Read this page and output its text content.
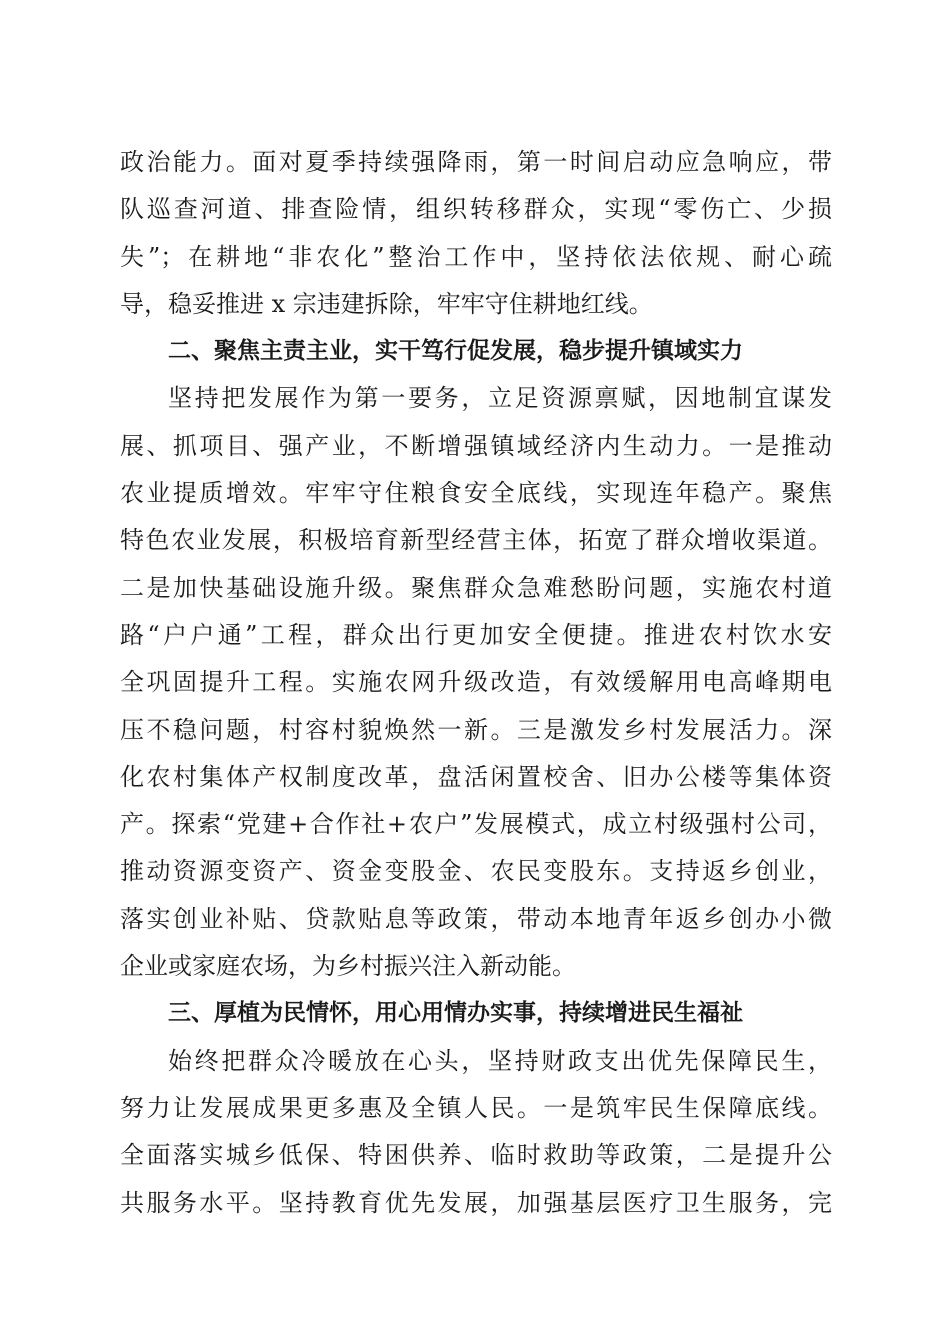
政治能力。面对夏季持续强降雨，第一时间启动应急响应，带
队巡查河道、排查险情，组织转移群众，实现“零伤亡、少损
失”；在耕地“非农化”整治工作中，坚持依法依规、耐心疏
导，稳妥推进 x 宗违建拆除，牢牢守住耕地红线。
二、聚焦主责主业，实干笃行促发展，稳步提升镇域实力
坚持把发展作为第一要务，立足资源禀赋，因地制宜谋发
展、抓项目、强产业，不断增强镇域经济内生动力。一是推动
农业提质增效。牢牢守住粮食安全底线，实现连年稳产。聚焦
特色农业发展，积极培育新型经营主体，拓宽了群众增收渠道。
二是加快基础设施升级。聚焦群众急难愁盼问题，实施农村道
路“户户通”工程，群众出行更加安全便捷。推进农村饮水安
全巩固提升工程。实施农网升级改造，有效缓解用电高峰期电
压不稳问题，村容村貌焕然一新。三是激发乡村发展活力。深
化农村集体产权制度改革，盘活闲置校舍、旧办公楼等集体资
产。探索“党建+合作社+农户”发展模式，成立村级强村公司，
推动资源变资产、资金变股金、农民变股东。支持返乡创业，
落实创业补贴、贷款贴息等政策，带动本地青年返乡创办小微
企业或家庭农场，为乡村振兴注入新动能。
三、厚植为民情怀，用心用情办实事，持续增进民生福祉
始终把群众冷暖放在心头，坚持财政支出优先保障民生，
努力让发展成果更多惠及全镇人民。一是筑牢民生保障底线。
全面落实城乡低保、特困供养、临时救助等政策，二是提升公
共服务水平。坚持教育优先发展，加强基层医疗卫生服务，完
